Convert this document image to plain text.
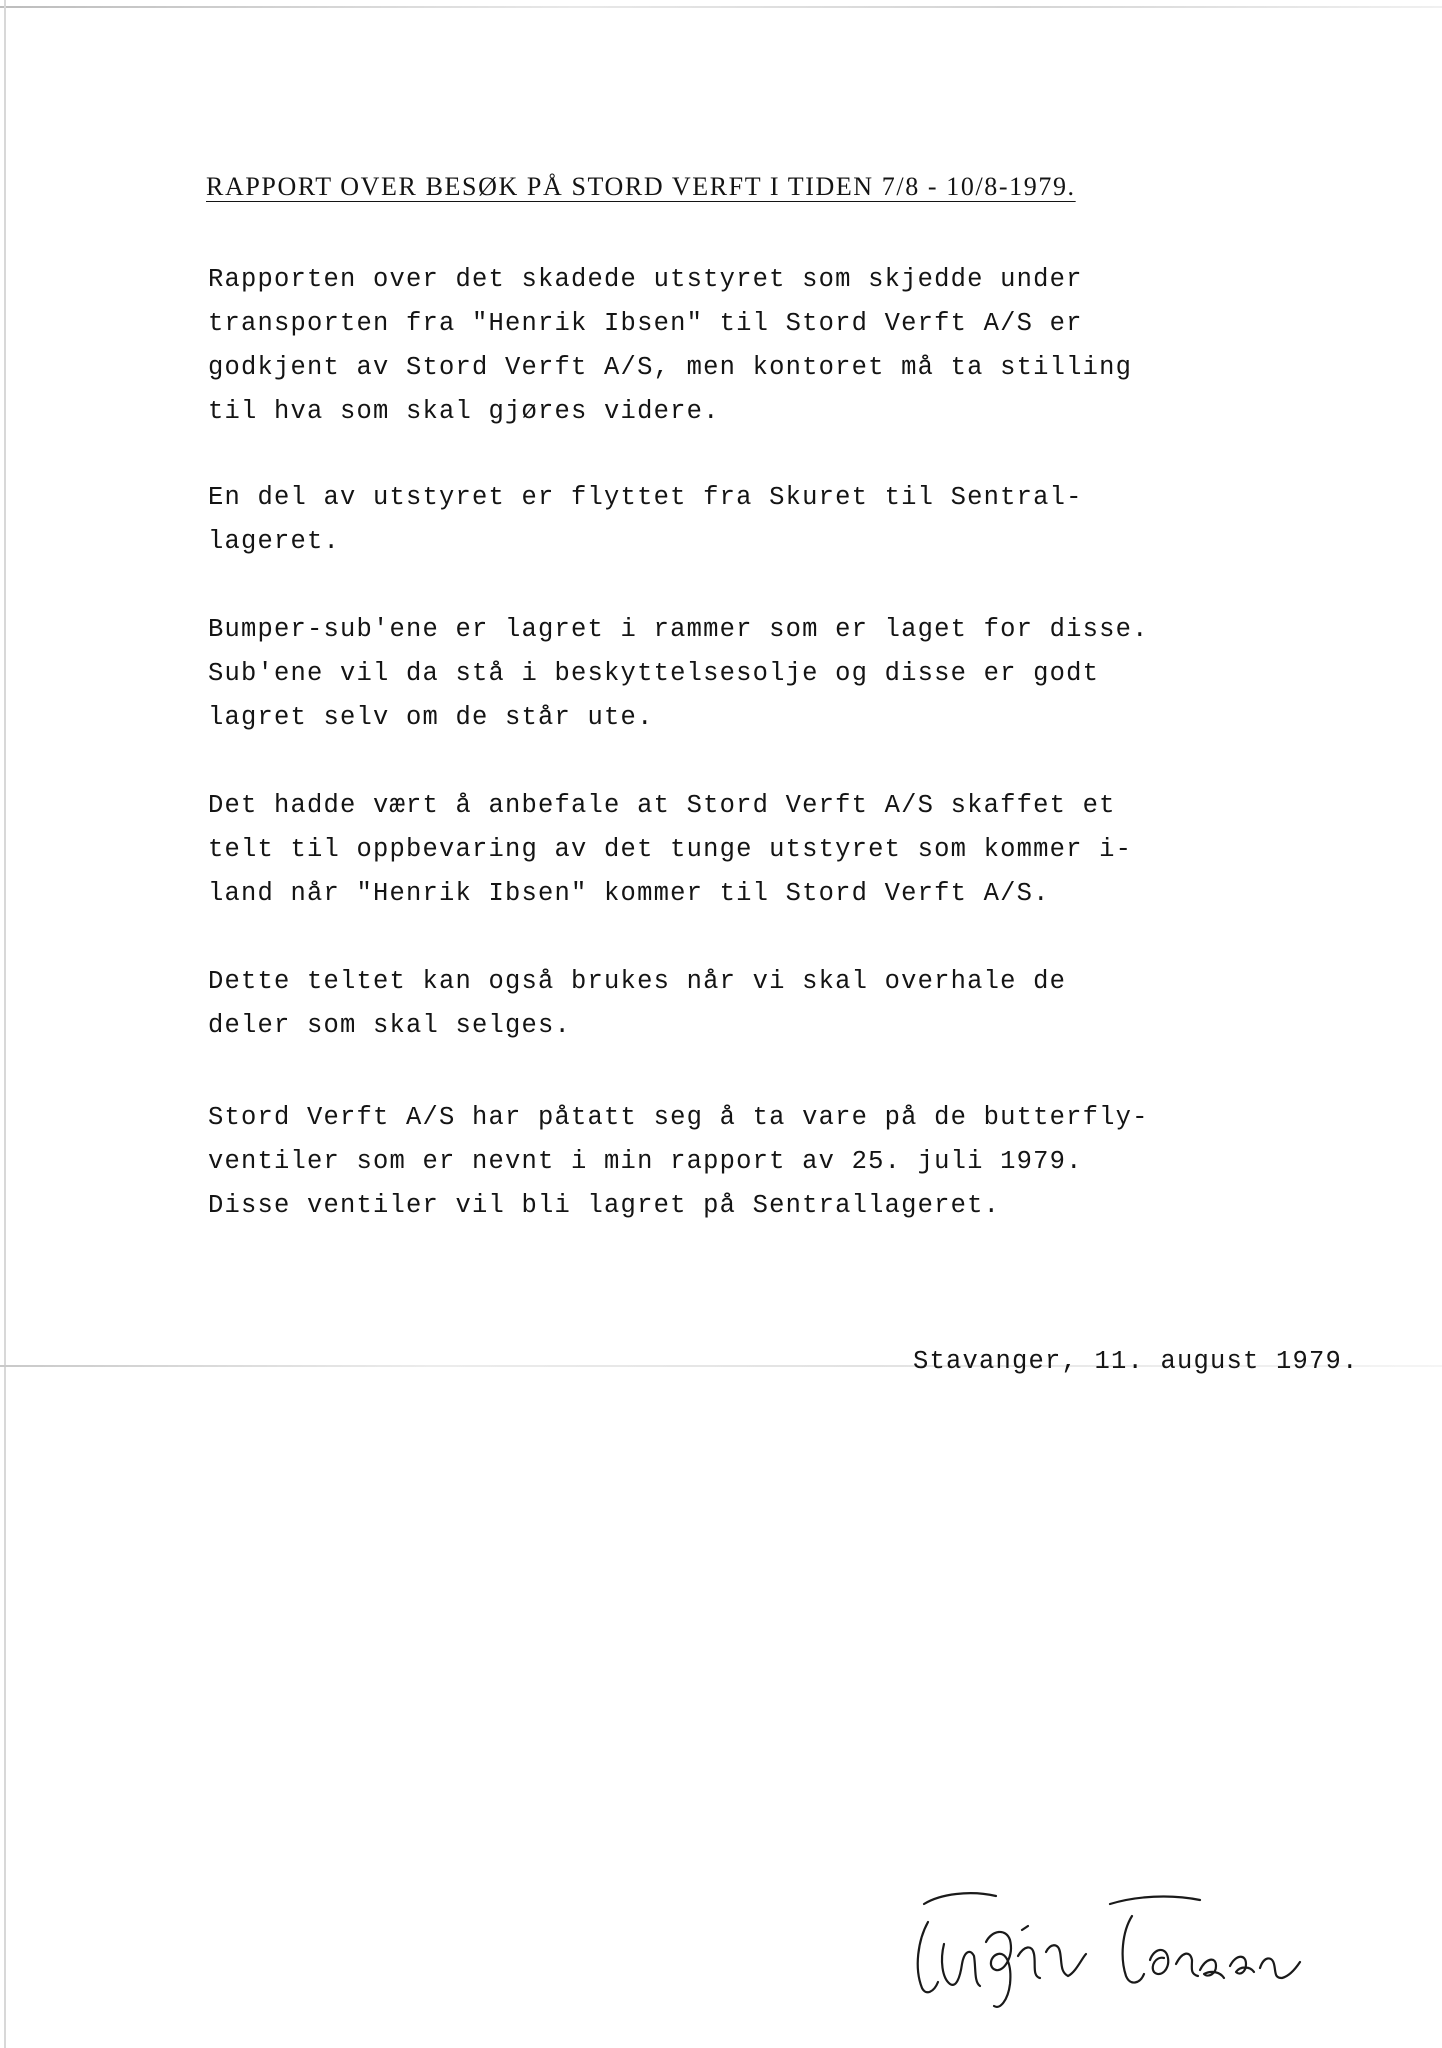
RAPPORT OVER BESØK PÅ STORD VERFT I TIDEN 7/8 - 10/8-1979.
Rapporten over det skadede utstyret som skjedde under
transporten fra "Henrik Ibsen" til Stord Verft A/S er
godkjent av Stord Verft A/S, men kontoret må ta stilling
til hva som skal gjøres videre.
En del av utstyret er flyttet fra Skuret til Sentral-
lageret.
Bumper-sub'ene er lagret i rammer som er laget for disse.
Sub'ene vil da stå i beskyttelsesolje og disse er godt
lagret selv om de står ute.
Det hadde vært å anbefale at Stord Verft A/S skaffet et
telt til oppbevaring av det tunge utstyret som kommer i-
land når "Henrik Ibsen" kommer til Stord Verft A/S.
Dette teltet kan også brukes når vi skal overhale de
deler som skal selges.
Stord Verft A/S har påtatt seg å ta vare på de butterfly-
ventiler som er nevnt i min rapport av 25. juli 1979.
Disse ventiler vil bli lagret på Sentrallageret.
Stavanger, 11. august 1979.
